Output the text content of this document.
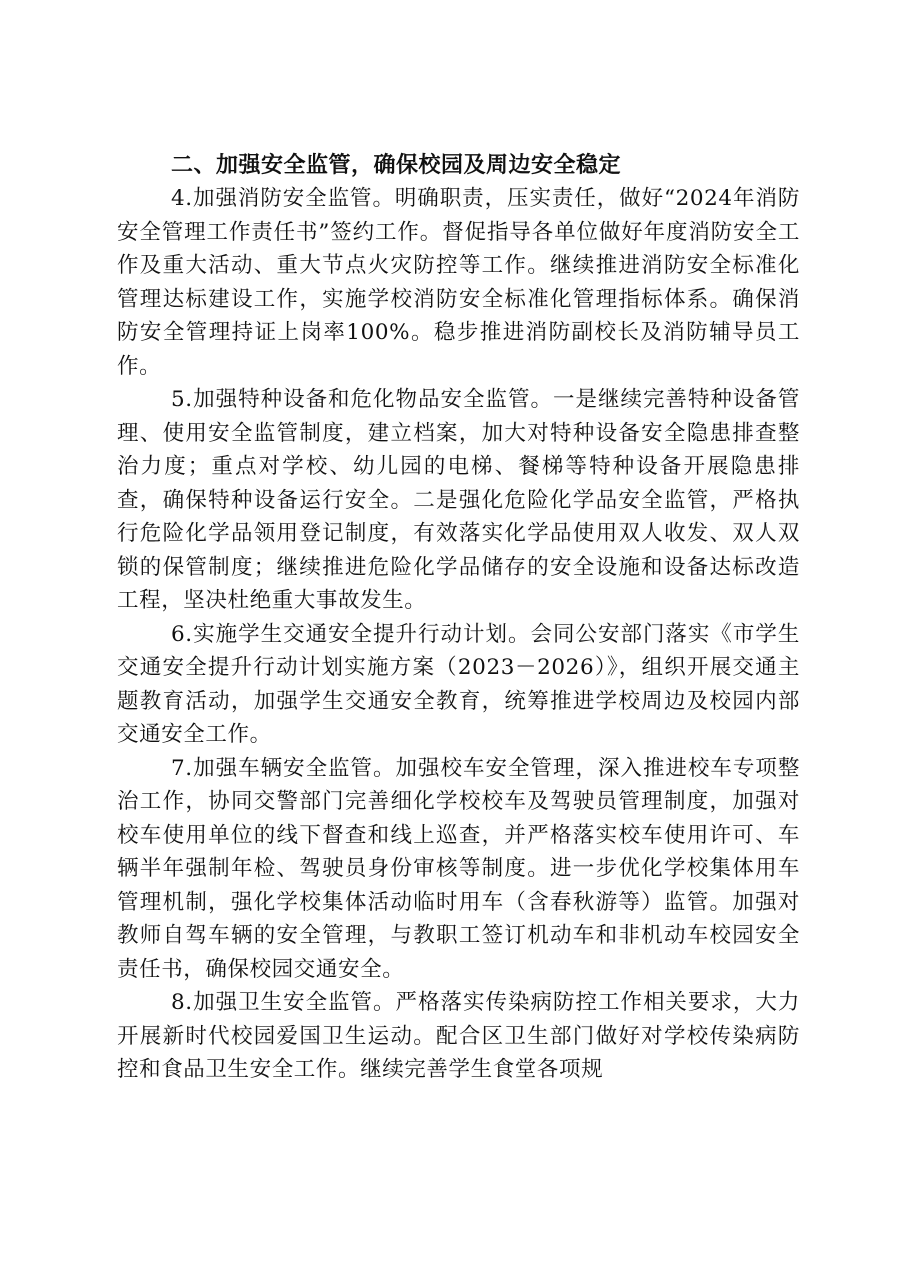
二、加强安全监管，确保校园及周边安全稳定

4.加强消防安全监管。明确职责，压实责任，做好“2024年消防安全管理工作责任书”签约工作。督促指导各单位做好年度消防安全工作及重大活动、重大节点火灾防控等工作。继续推进消防安全标准化管理达标建设工作，实施学校消防安全标准化管理指标体系。确保消防安全管理持证上岗率100%。稳步推进消防副校长及消防辅导员工作。

5.加强特种设备和危化物品安全监管。一是继续完善特种设备管理、使用安全监管制度，建立档案，加大对特种设备安全隐患排查整治力度；重点对学校、幼儿园的电梯、餐梯等特种设备开展隐患排查，确保特种设备运行安全。二是强化危险化学品安全监管，严格执行危险化学品领用登记制度，有效落实化学品使用双人收发、双人双锁的保管制度；继续推进危险化学品储存的安全设施和设备达标改造工程，坚决杜绝重大事故发生。

6.实施学生交通安全提升行动计划。会同公安部门落实《市学生交通安全提升行动计划实施方案（2023－2026）》，组织开展交通主题教育活动，加强学生交通安全教育，统筹推进学校周边及校园内部交通安全工作。

7.加强车辆安全监管。加强校车安全管理，深入推进校车专项整治工作，协同交警部门完善细化学校校车及驾驶员管理制度，加强对校车使用单位的线下督查和线上巡查，并严格落实校车使用许可、车辆半年强制年检、驾驶员身份审核等制度。进一步优化学校集体用车管理机制，强化学校集体活动临时用车（含春秋游等）监管。加强对教师自驾车辆的安全管理，与教职工签订机动车和非机动车校园安全责任书，确保校园交通安全。

8.加强卫生安全监管。严格落实传染病防控工作相关要求，大力开展新时代校园爱国卫生运动。配合区卫生部门做好对学校传染病防控和食品卫生安全工作。继续完善学生食堂各项规
